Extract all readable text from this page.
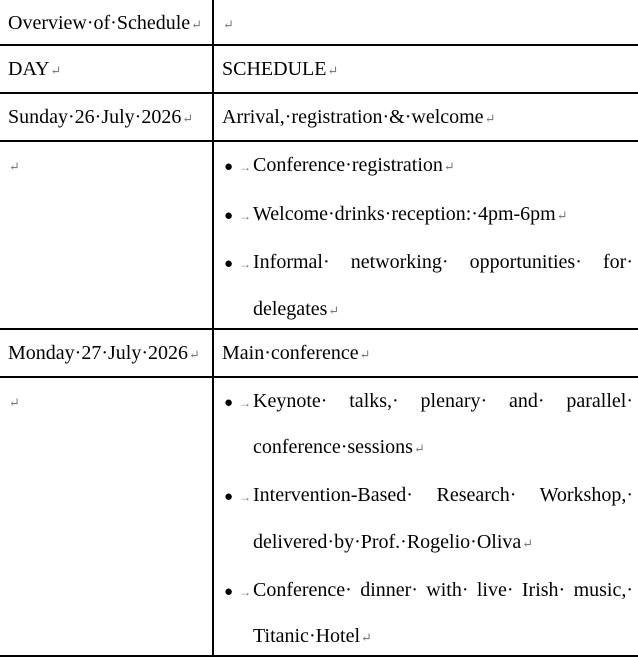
Overview·of·Schedule↵	↵
DAY↵	SCHEDULE↵
Sunday·26·July·2026↵	Arrival,·registration·&·welcome↵
↵	● → Conference·registration↵
● → Welcome·drinks·reception:·4pm-6pm↵
● → Informal· networking· opportunities· for·
delegates↵
Monday·27·July·2026↵	Main·conference↵
↵	● → Keynote· talks,· plenary· and· parallel·
conference·sessions↵
● → Intervention-Based· Research· Workshop,·
delivered·by·Prof.·Rogelio·Oliva↵
● → Conference· dinner· with· live· Irish· music,·
Titanic·Hotel↵
